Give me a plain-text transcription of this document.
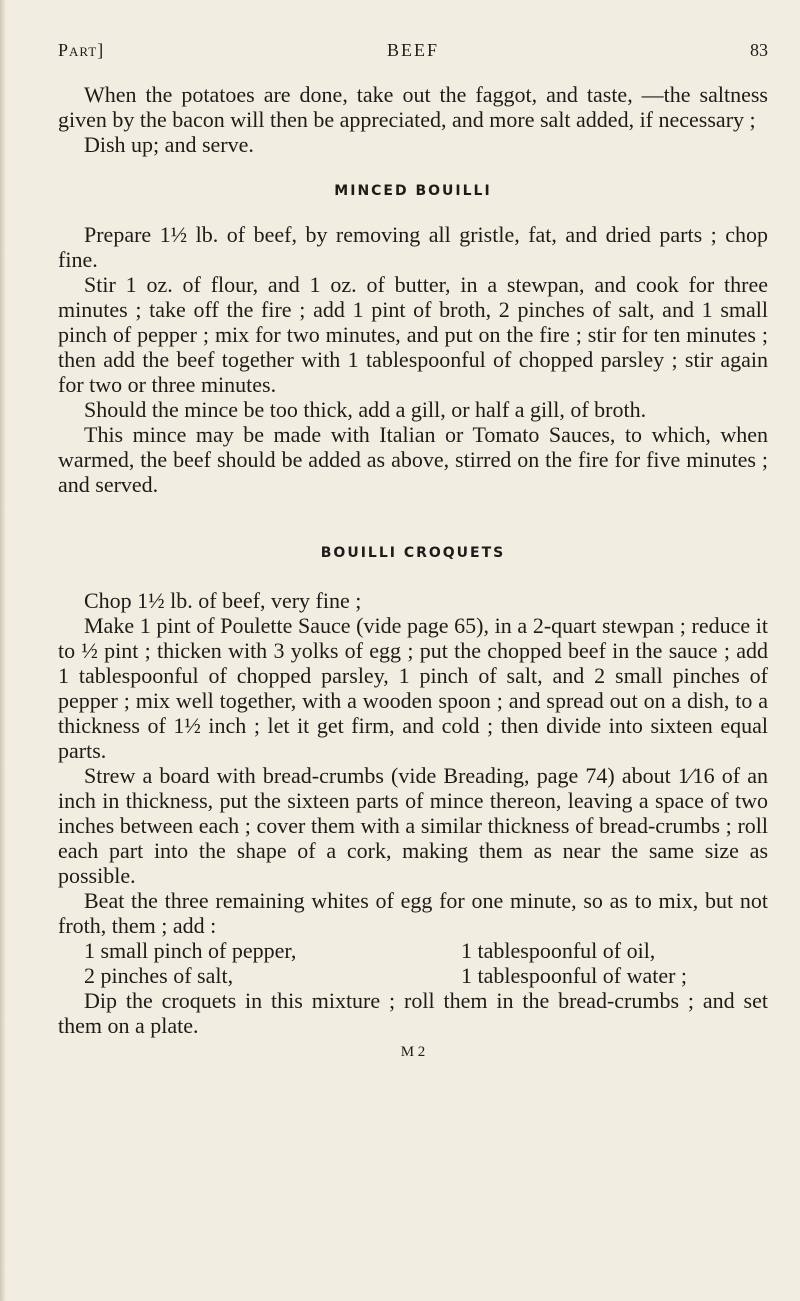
Part]	BEEF	83

When the potatoes are done, take out the faggot, and taste, —the saltness given by the bacon will then be appreciated, and more salt added, if necessary ;

Dish up; and serve.

MINCED BOUILLI

Prepare 1½ lb. of beef, by removing all gristle, fat, and dried parts ; chop fine.

Stir 1 oz. of flour, and 1 oz. of butter, in a stewpan, and cook for three minutes ; take off the fire ; add 1 pint of broth, 2 pinches of salt, and 1 small pinch of pepper ; mix for two minutes, and put on the fire ; stir for ten minutes ; then add the beef together with 1 tablespoonful of chopped parsley ; stir again for two or three minutes.

Should the mince be too thick, add a gill, or half a gill, of broth.

This mince may be made with Italian or Tomato Sauces, to which, when warmed, the beef should be added as above, stirred on the fire for five minutes ; and served.

BOUILLI CROQUETS

Chop 1½ lb. of beef, very fine ;

Make 1 pint of Poulette Sauce (vide page 65), in a 2-quart stewpan ; reduce it to ½ pint ; thicken with 3 yolks of egg ; put the chopped beef in the sauce ; add 1 tablespoonful of chopped parsley, 1 pinch of salt, and 2 small pinches of pepper ; mix well together, with a wooden spoon ; and spread out on a dish, to a thickness of 1½ inch ; let it get firm, and cold ; then divide into sixteen equal parts.

Strew a board with bread-crumbs (vide Breading, page 74) about 1⁄16 of an inch in thickness, put the sixteen parts of mince thereon, leaving a space of two inches between each ; cover them with a similar thickness of bread-crumbs ; roll each part into the shape of a cork, making them as near the same size as possible.

Beat the three remaining whites of egg for one minute, so as to mix, but not froth, them ; add :

1 small pinch of pepper,
2 pinches of salt,
1 tablespoonful of oil,
1 tablespoonful of water ;

Dip the croquets in this mixture ; roll them in the bread-crumbs ; and set them on a plate.

M 2
